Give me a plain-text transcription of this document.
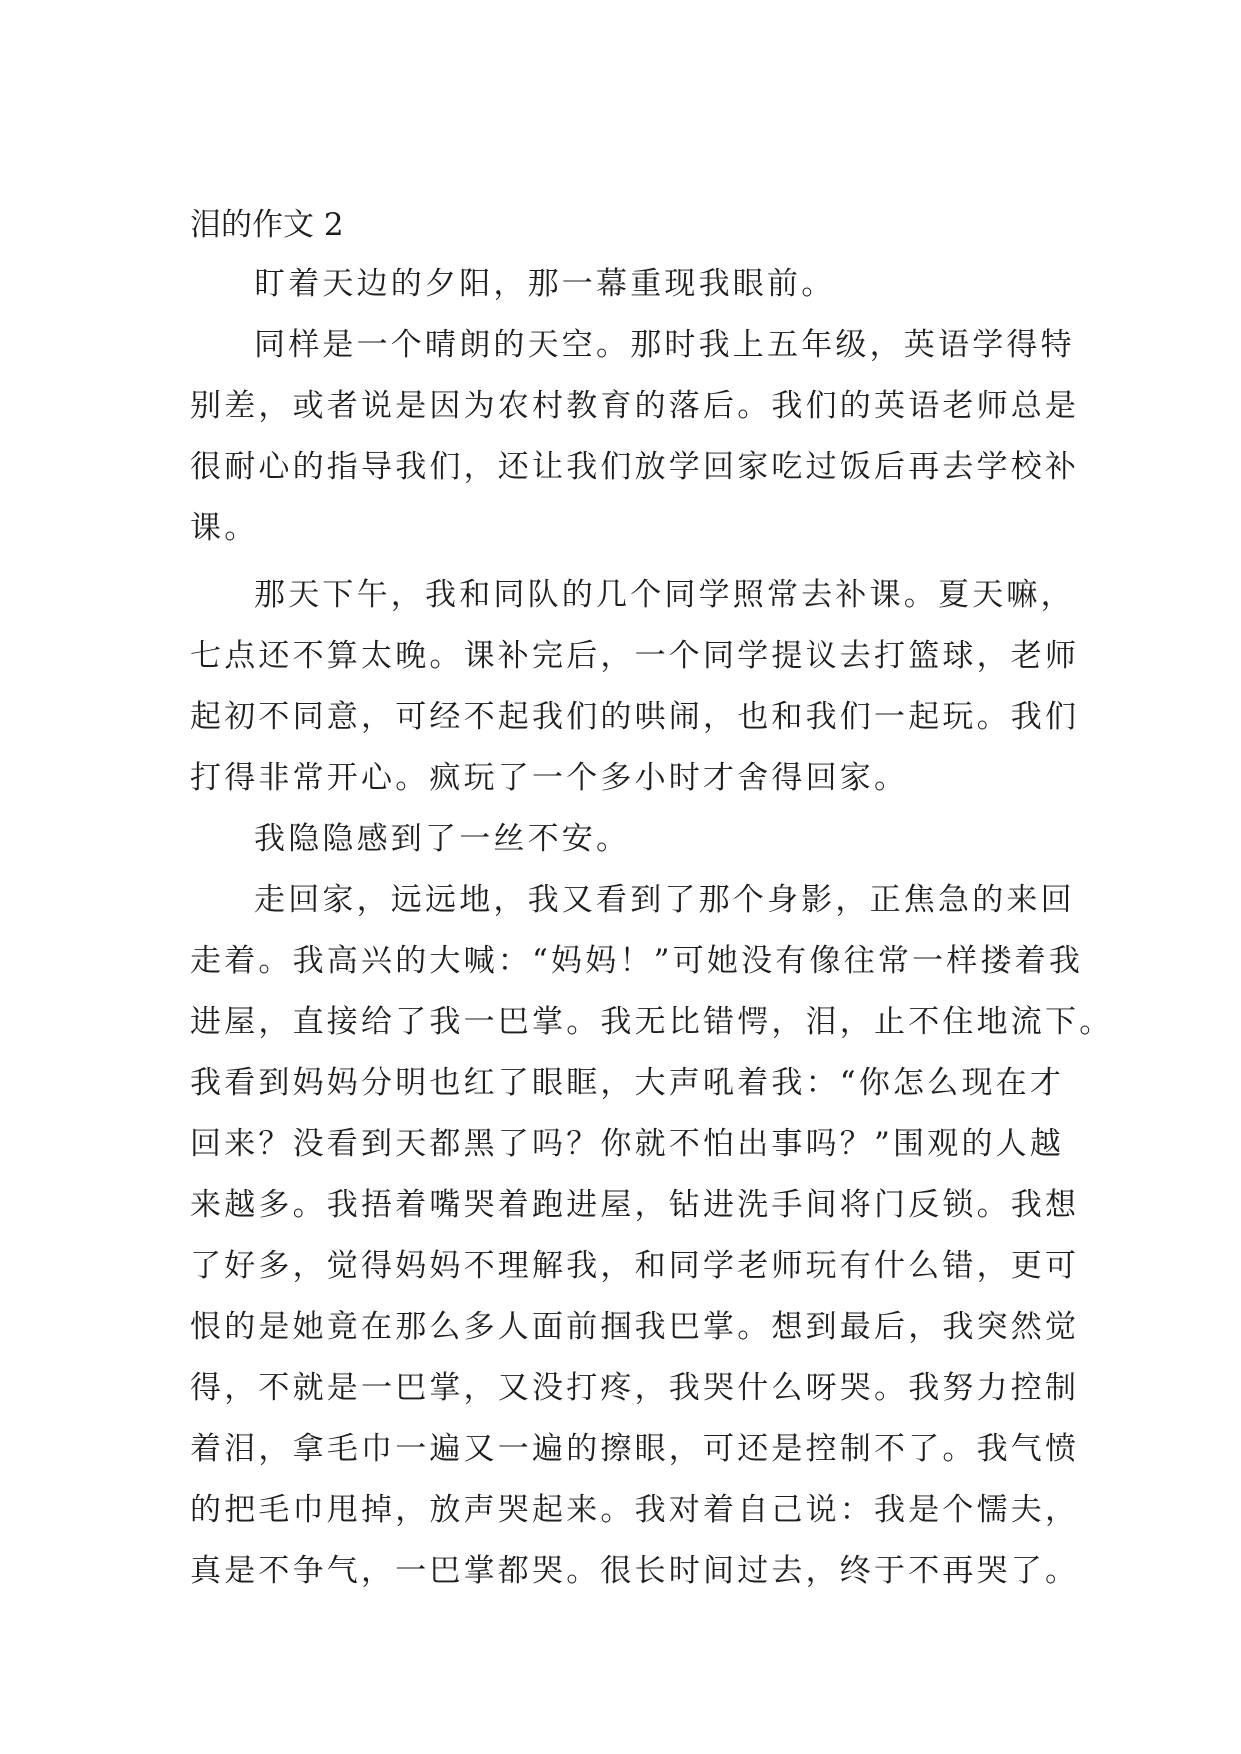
泪的作文 2

盯着天边的夕阳，那一幕重现我眼前。

同样是一个晴朗的天空。那时我上五年级，英语学得特
别差，或者说是因为农村教育的落后。我们的英语老师总是
很耐心的指导我们，还让我们放学回家吃过饭后再去学校补
课。

那天下午，我和同队的几个同学照常去补课。夏天嘛，
七点还不算太晚。课补完后，一个同学提议去打篮球，老师
起初不同意，可经不起我们的哄闹，也和我们一起玩。我们
打得非常开心。疯玩了一个多小时才舍得回家。

我隐隐感到了一丝不安。

走回家，远远地，我又看到了那个身影，正焦急的来回
走着。我高兴的大喊：“妈妈！”可她没有像往常一样搂着我
进屋，直接给了我一巴掌。我无比错愕，泪，止不住地流下。
我看到妈妈分明也红了眼眶，大声吼着我：“你怎么现在才
回来？没看到天都黑了吗？你就不怕出事吗？”围观的人越
来越多。我捂着嘴哭着跑进屋，钻进洗手间将门反锁。我想
了好多，觉得妈妈不理解我，和同学老师玩有什么错，更可
恨的是她竟在那么多人面前掴我巴掌。想到最后，我突然觉
得，不就是一巴掌，又没打疼，我哭什么呀哭。我努力控制
着泪，拿毛巾一遍又一遍的擦眼，可还是控制不了。我气愤
的把毛巾甩掉，放声哭起来。我对着自己说：我是个懦夫，
真是不争气，一巴掌都哭。很长时间过去，终于不再哭了。
